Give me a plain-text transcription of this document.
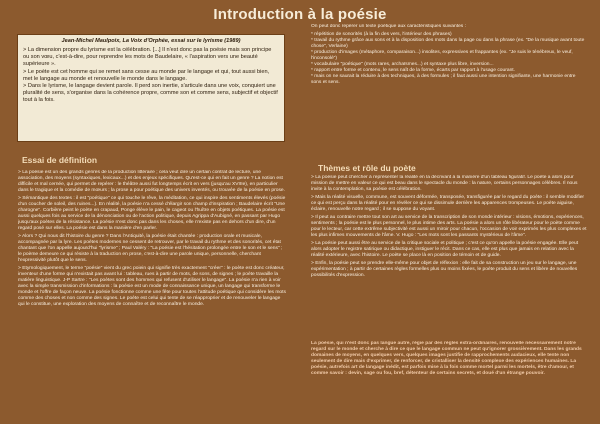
Introduction à la poésie
Jean-Michel Maulpoix, La Voix d'Orphée, essai sur le lyrisme (1989)

> La dimension propre du lyrisme est la célébration. [...] Il n'est donc pas la poésie mais son principe ou son vœu, c'est-à-dire, pour reprendre les mots de Baudelaire, « l'aspiration vers une beauté supérieure ».

> Le poète est cet homme qui se remet sans cesse au monde par le langage et qui, tout aussi bien, met le langage au monde et renouvelle le monde dans le langage.

> Dans le lyrisme, le langage devient parole. Il perd son inertie, s'articule dans une voix, conquiert une pluralité de sens, s'organise dans la cohérence propre, comme son et comme sens, subjectif et objectif tout à la fois.

Essai de définition

> La poésie est un des grands genres de la production littéraire ; cela veut dire un certain contrat de lecture, une association, des moyens (syntaxiques, lexicaux...) et des enjeux spécifiques. Qu'est-ce qui en fait un genre ? La notion est difficile et mal cernée, qui permet de repérer : le théâtre aussi fut longtemps écrit en vers (jusqu'au XVIIIe), en particulier dans le tragique et la comédie de mœurs ; la prose a pour poétique des univers inventés, ou trouvée de la poésie en prose.

> Sémantique des textes : il est "poétique" ce qui touche le rêve, la méditation, ce qui inspire des sentiments élevés (poésie d'un coucher de soleil, des ruines...). En réalité, la poésie n'a cessé d'élargir son champ d'inspiration ; Baudelaire écrit "Une charogne". Corbière peint le poète en crapaud, Ponge élève le pain, le cageot ou l'huître en objets poétiques. La poésie est aussi quelques fois au service de la dénonciation ou de l'action politique, depuis Agrippa d'Aubigné, en passant par Hugo jusqu'aux poètes de la résistance. La poésie n'est donc pas dans les choses, elle n'existe pas en dehors d'un dire, d'un regard posé sur elles. La poésie est dans la manière d'en parler.

> Alors ? Qui nous dit l'histoire du genre ? Dans l'Antiquité, la poésie était chantée : production orale et musicale, accompagnée par la lyre. Les poètes modernes ne cessent de retrouver, par le travail du rythme et des sonorités, cet état chantant que l'on appelle aujourd'hui "lyrisme" ; Paul Valéry : "La poésie est l'hésitation prolongée entre le son et le sens" ; le poème demeure ce qui résiste à la traduction en prose, c'est-à-dire une parole unique, personnelle, cherchant l'expressivité plutôt que le sens.

> Etymologiquement, le terme "poésie" vient du grec poiein qui signifie très exactement "créer" : le poète est donc créateur, inventeur d'une forme qui n'existait pas avant lui : tableau, rues à partir de mots, de sons, de signes ; le poète travaille la matière linguistique. J-P Sartre : "Les poètes sont des hommes qui refusent d'utiliser le langage". La poésie n'a rien à voir avec la simple transmission d'informations : la poésie est un mode de connaissance unique, un langage qui transforme le monde et l'offre de façon neuve. La poésie fonctionne comme une fête pour toutes l'attitude poétique qui considère les mots comme des choses et non comme des signes. Le poète est celui qui tente de se réapproprier et de renouveler le langage qui le constitue, une exploration des moyens de connaître et de reconnaître le monde.

On peut donc repérer un texte poétique aux caractéristiques suivantes :

* répétition de sonorités (à la fin des vers, l'intérieur des phrases)

* travail du rythme grâce aux sons et à la disposition des mots dans la page ou dans la phrase (ex. "De la musique avant toute chose", Verlaine)

* production d'images (métaphore, comparaison...) insolites, expressives et frappantes (ex. "Je suis le ténébreux, le veuf, l'inconsolé")

* vocabulaire "poétique" (mots rares, archaïsmes...) et syntaxe plus libre, inversion...

* rapport entre forme et contenu, le sens naît de la forme, écarts par rapport à l'usage courant.

* mais on ne saurait la réduire à des techniques, à des formules ; il faut aussi une intention signifiante, une harmonie entre sons et sens.

Thèmes et rôle du poète

> La poésie peut chercher à représenter la réalité en la décrivant à la manière d'un tableau figuratif. Le poète a alors pour mission de mettre en valeur ce qui est beau dans le spectacle du monde : la nature, certains personnages célèbres. Il nous invite à la contemplation, sa poésie est célébration.

> Mais la réalité visuelle, commune, est souvent déformée, transposée, transfigurée par le regard du poète : il semble modifier ce qui est perçu dans la réalité pour en révéler ce qui se dissimule derrière les apparences trompeuses. Le poète aiguise, éclaire, renouvelle notre regard ; il se suppose du voyant.

> Il peut au contraire mettre tout son art au service de la transcription de son monde intérieur : visions, émotions, expériences, sentiments ; la poésie est le plus personnel, le plus intime des arts. La poésie a alors un rôle libérateur pour le poète comme pour le lecteur, car cette extrême subjectivité est aussi un miroir pour chacun, l'occasion de voir exprimés les plus complexes et les plus infimes mouvements de l'âme. V. Hugo : "Les mots sont les passants mystérieux de l'âme".

> La poésie peut aussi être au service de la critique sociale et politique ; c'est ce qu'on appelle la poésie engagée. Elle peut alors adopter le registre satirique ou didactique, instiguer le récit. Dans ce cas, elle est plus que jamais en relation avec la réalité extérieure, avec l'histoire. Le poète se place là en position de témoin et de guide.

> Enfin, la poésie peut se prendre elle-même pour objet de réflexion : elle fait de sa construction un jeu sur le langage, une expérimentation ; à partir de certaines règles formelles plus ou moins fixées, le poète produit du sens et libère de nouvelles possibilités d'expression.

La poésie, qui n'est donc pas langue autre, régie par des règles extra-ordinaires, renouvelle nécessairement notre regard sur le monde et cherche à dire ce que le langage commun ne peut qu'ignorer grossièrement. Dans les grands domaines de moyens, en quelques vers, quelques images justifie de rapprochements audacieux, elle tente non seulement de dire mais d'exprimer, de renforcer, de cristalliser la densité complexe des expériences humaines. La poésie, autrefois art de langage inédit, est parfois mise à la fois comme mortel parmi les mortels, être d'amour, et comme savoir : devin, sage ou fou, bref, détenteur de certains secrets, et doué d'un étrange pouvoir.
